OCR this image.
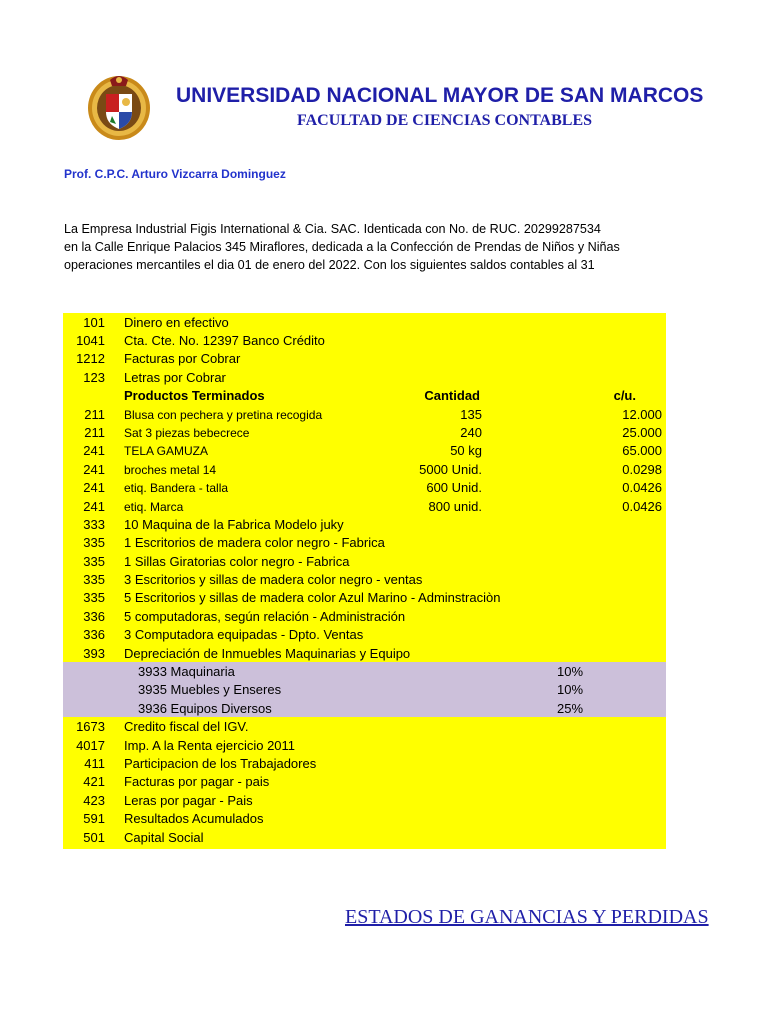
UNIVERSIDAD NACIONAL MAYOR DE SAN MARCOS
FACULTAD DE CIENCIAS CONTABLES
Prof. C.P.C. Arturo Vizcarra Dominguez
La Empresa Industrial Figis International & Cia. SAC. Identicada con No. de RUC. 20299287534
en la Calle Enrique Palacios 345 Miraflores, dedicada a la Confección de Prendas de Niños y Niñas
operaciones mercantiles el dia 01 de enero del 2022. Con los siguientes saldos contables al 31
101 Dinero en efectivo
1041 Cta. Cte. No. 12397 Banco Crédito
1212 Facturas por Cobrar
123 Letras por Cobrar
Productos Terminados	Cantidad	c/u.
211 Blusa con pechera y pretina recogida	135	12.000
211 Sat 3 piezas bebecrece	240	25.000
241 TELA GAMUZA	50 kg	65.000
241 broches metal 14	5000 Unid.	0.0298
241 etiq. Bandera - talla	600 Unid.	0.0426
241 etiq. Marca	800 unid.	0.0426
333 10 Maquina de la Fabrica Modelo juky
335 1 Escritorios de madera color negro - Fabrica
335 1 Sillas Giratorias color negro - Fabrica
335 3 Escritorios y sillas de madera color negro - ventas
335 5 Escritorios y sillas de madera color Azul Marino - Adminstraciòn
336 5 computadoras, según relación - Administración
336 3 Computadora equipadas - Dpto. Ventas
393 Depreciación de Inmuebles Maquinarias y Equipo
3933 Maquinaria	10%
3935 Muebles y Enseres	10%
3936 Equipos Diversos	25%
1673 Credito fiscal del IGV.
4017 Imp. A la Renta ejercicio 2011
411 Participacion de los Trabajadores
421 Facturas por pagar - pais
423 Leras por pagar - Pais
591 Resultados Acumulados
501 Capital Social
ESTADOS DE GANANCIAS Y PERDIDAS
